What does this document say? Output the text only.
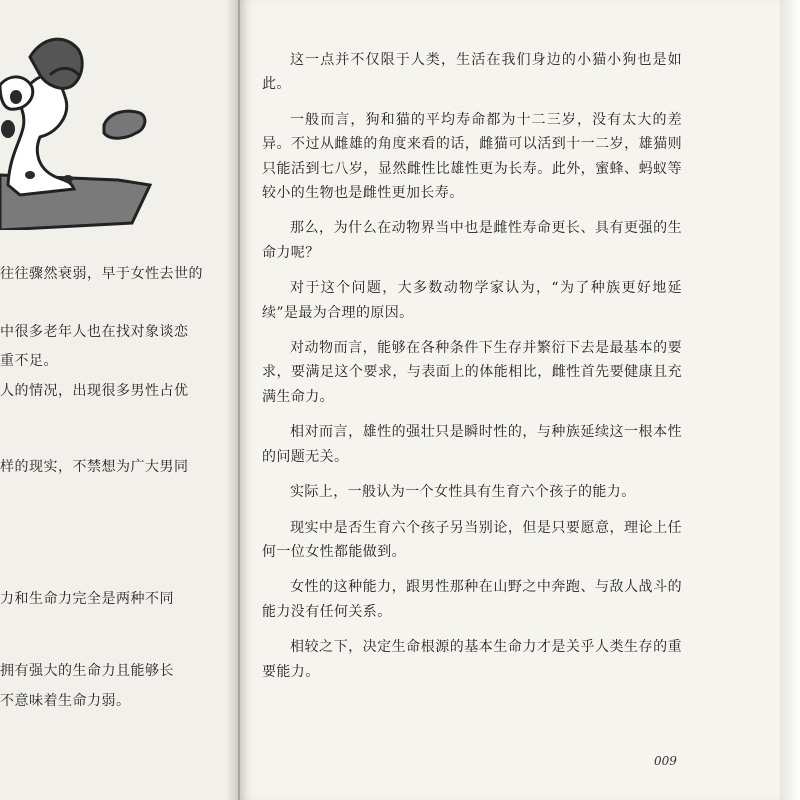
往往骤然衰弱，早于女性去世的
中很多老年人也在找对象谈恋
重不足。
人的情况，出现很多男性占优
样的现实，不禁想为广大男同
力和生命力完全是两种不同
拥有强大的生命力且能够长
不意味着生命力弱。

这一点并不仅限于人类，生活在我们身边的小猫小狗也是如此。

一般而言，狗和猫的平均寿命都为十二三岁，没有太大的差异。不过从雌雄的角度来看的话，雌猫可以活到十一二岁，雄猫则只能活到七八岁，显然雌性比雄性更为长寿。此外，蜜蜂、蚂蚁等较小的生物也是雌性更加长寿。

那么，为什么在动物界当中也是雌性寿命更长、具有更强的生命力呢？

对于这个问题，大多数动物学家认为，“为了种族更好地延续”是最为合理的原因。

对动物而言，能够在各种条件下生存并繁衍下去是最基本的要求，要满足这个要求，与表面上的体能相比，雌性首先要健康且充满生命力。

相对而言，雄性的强壮只是瞬时性的，与种族延续这一根本性的问题无关。

实际上，一般认为一个女性具有生育六个孩子的能力。

现实中是否生育六个孩子另当别论，但是只要愿意，理论上任何一位女性都能做到。

女性的这种能力，跟男性那种在山野之中奔跑、与敌人战斗的能力没有任何关系。

相较之下，决定生命根源的基本生命力才是关乎人类生存的重要能力。

009
